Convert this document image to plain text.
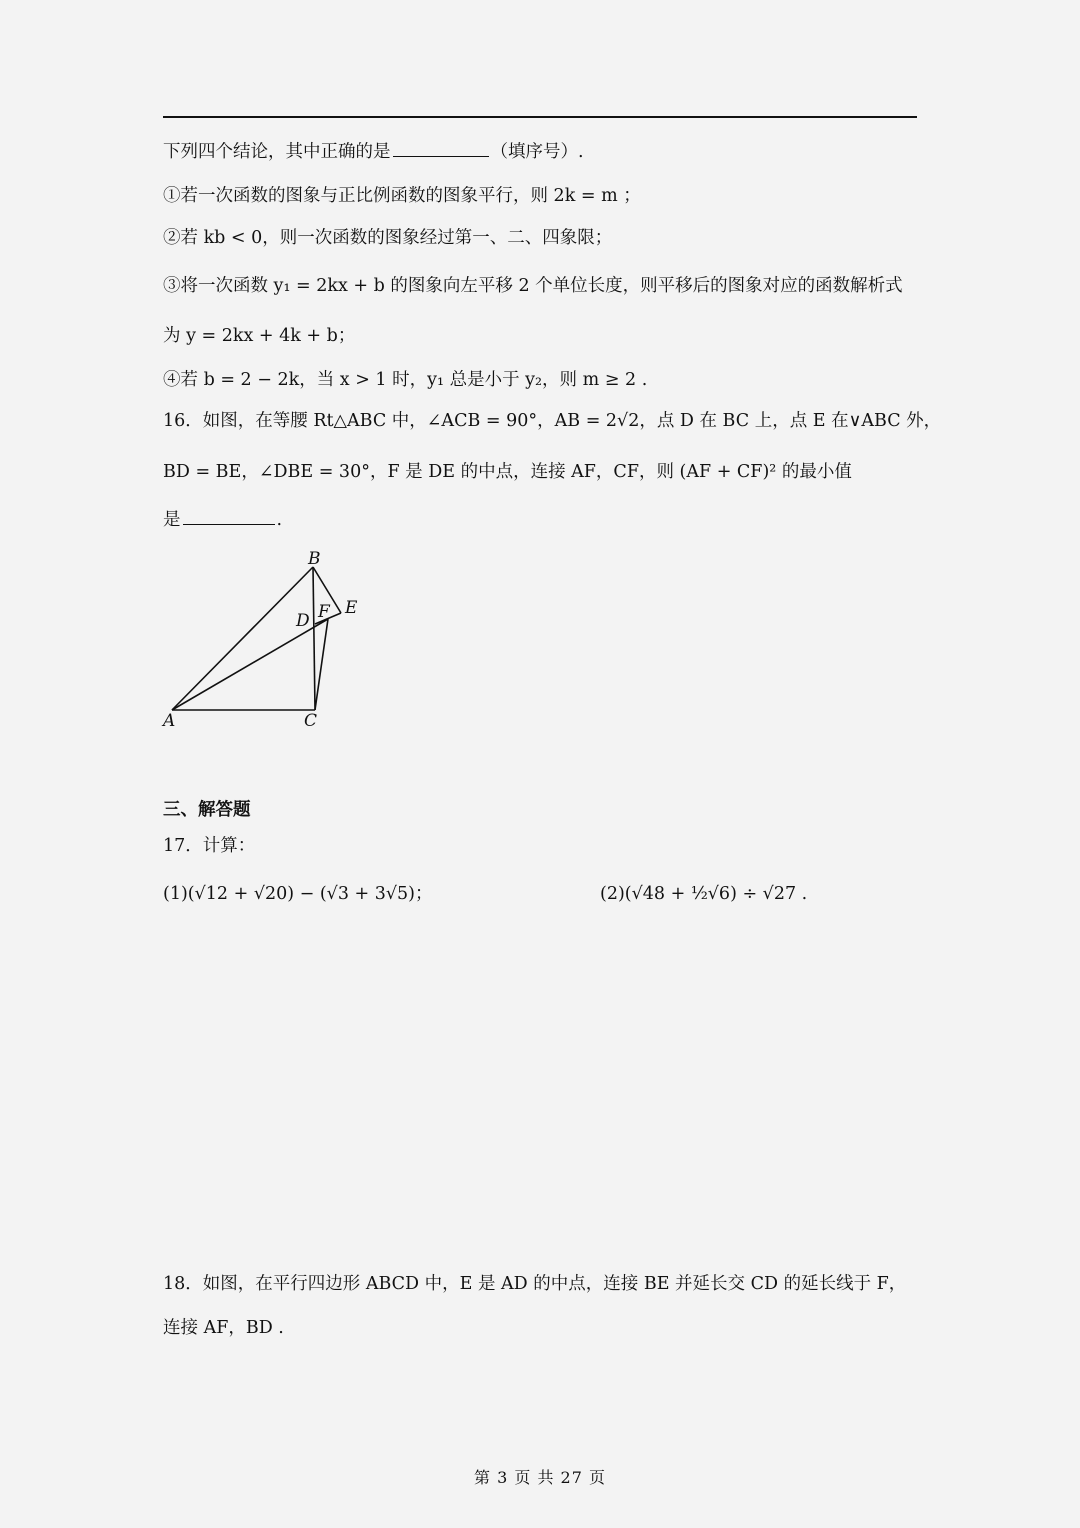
下列四个结论，其中正确的是	（填序号）.
①若一次函数的图象与正比例函数的图象平行，则 2k = m ；
②若 kb < 0，则一次函数的图象经过第一、二、四象限；
③将一次函数 y₁ = 2kx + b 的图象向左平移 2 个单位长度，则平移后的图象对应的函数解析式
为 y = 2kx + 4k + b；
④若 b = 2 − 2k，当 x > 1 时，y₁ 总是小于 y₂，则 m ≥ 2 .
16．如图，在等腰 Rt△ABC 中，∠ACB = 90°，AB = 2√2，点 D 在 BC 上，点 E 在∨ABC 外，
BD = BE，∠DBE = 30°，F 是 DE 的中点，连接 AF，CF，则 (AF + CF)² 的最小值
是	.
B
D F E
A	C
三、解答题
17．计算：
(1)(√12 + √20) − (√3 + 3√5)；	(2)(√48 + ½√6) ÷ √27 .
18．如图，在平行四边形 ABCD 中，E 是 AD 的中点，连接 BE 并延长交 CD 的延长线于 F，
连接 AF，BD .
第 3 页 共 27 页
